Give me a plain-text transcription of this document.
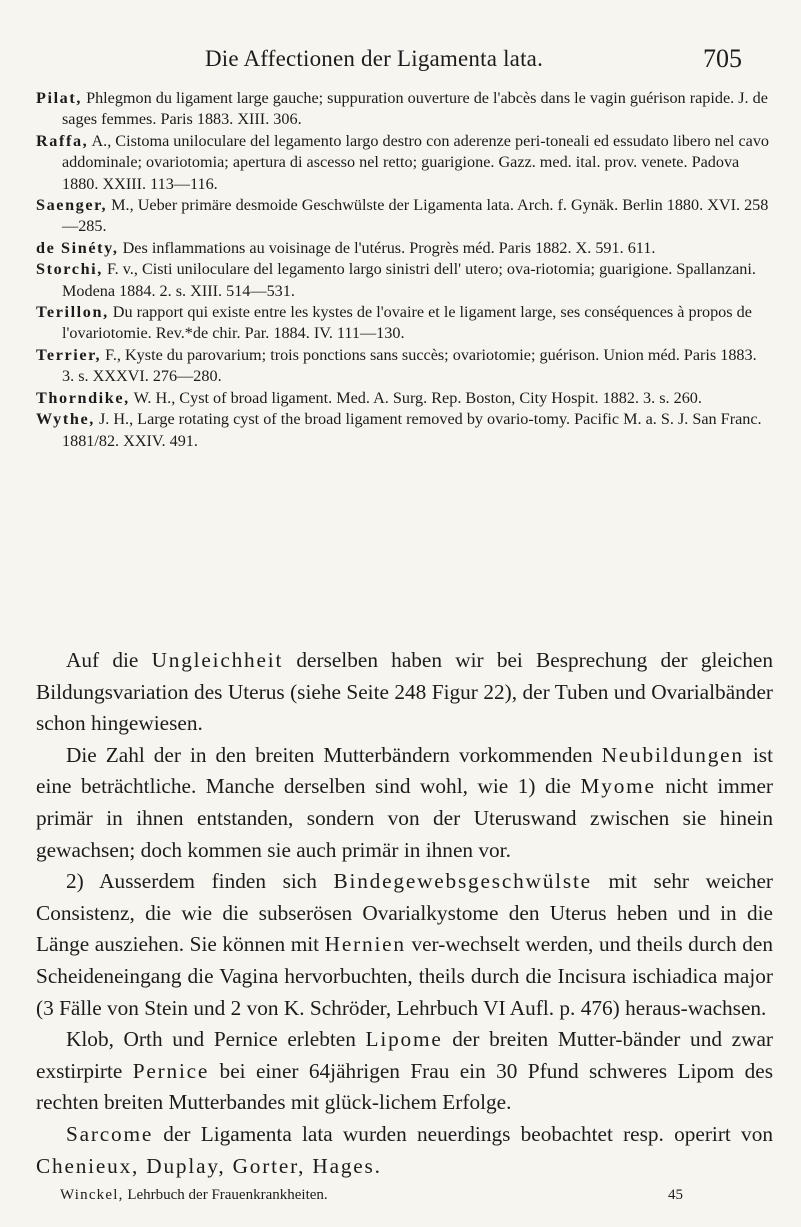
Die Affectionen der Ligamenta lata.	705

Pilat, Phlegmon du ligament large gauche; suppuration ouverture de l'abcès dans le vagin guérison rapide. J. de sages femmes. Paris 1883. XIII. 306.

Raffa, A., Cistoma uniloculare del legamento largo destro con aderenze peri-toneali ed essudato libero nel cavo addominale; ovariotomia; apertura di ascesso nel retto; guarigione. Gazz. med. ital. prov. venete. Padova 1880. XXIII. 113—116.

Saenger, M., Ueber primäre desmoide Geschwülste der Ligamenta lata. Arch. f. Gynäk. Berlin 1880. XVI. 258—285.

de Sinéty, Des inflammations au voisinage de l'utérus. Progrès méd. Paris 1882. X. 591. 611.

Storchi, F. v., Cisti uniloculare del legamento largo sinistri dell' utero; ova-riotomia; guarigione. Spallanzani. Modena 1884. 2. s. XIII. 514—531.

Terillon, Du rapport qui existe entre les kystes de l'ovaire et le ligament large, ses conséquences à propos de l'ovariotomie. Rev.*de chir. Par. 1884. IV. 111—130.

Terrier, F., Kyste du parovarium; trois ponctions sans succès; ovariotomie; guérison. Union méd. Paris 1883. 3. s. XXXVI. 276—280.

Thorndike, W. H., Cyst of broad ligament. Med. A. Surg. Rep. Boston, City Hospit. 1882. 3. s. 260.

Wythe, J. H., Large rotating cyst of the broad ligament removed by ovario-tomy. Pacific M. a. S. J. San Franc. 1881/82. XXIV. 491.

Auf die Ungleichheit derselben haben wir bei Besprechung der gleichen Bildungsvariation des Uterus (siehe Seite 248 Figur 22), der Tuben und Ovarialbänder schon hingewiesen.

Die Zahl der in den breiten Mutterbändern vorkommenden Neubildungen ist eine beträchtliche. Manche derselben sind wohl, wie 1) die Myome nicht immer primär in ihnen entstanden, sondern von der Uteruswand zwischen sie hinein gewachsen; doch kommen sie auch primär in ihnen vor.

2) Ausserdem finden sich Bindegewebsgeschwülste mit sehr weicher Consistenz, die wie die subserösen Ovarialkystome den Uterus heben und in die Länge ausziehen. Sie können mit Hernien ver-wechselt werden, und theils durch den Scheideneingang die Vagina hervorbuchten, theils durch die Incisura ischiadica major (3 Fälle von Stein und 2 von K. Schröder, Lehrbuch VI Aufl. p. 476) heraus-wachsen.

Klob, Orth und Pernice erlebten Lipome der breiten Mutter-bänder und zwar exstirpirte Pernice bei einer 64jährigen Frau ein 30 Pfund schweres Lipom des rechten breiten Mutterbandes mit glück-lichem Erfolge.

Sarcome der Ligamenta lata wurden neuerdings beobachtet resp. operirt von Chenieux, Duplay, Gorter, Hages.

Winckel, Lehrbuch der Frauenkrankheiten.	45
